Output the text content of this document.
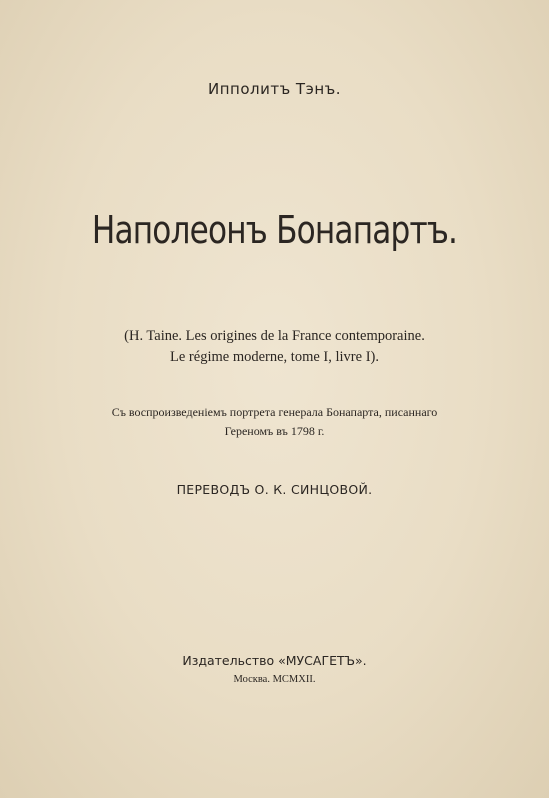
Ипполитъ Тэнъ.
Наполеонъ Бонапартъ.
(H. Taine. Les origines de la France contemporaine.
Le régime moderne, tome I, livre I).
Съ воспроизведенiемъ портрета генерала Бонапарта, писаннаго
Гереномъ въ 1798 г.
ПЕРЕВОДЪ О. К. СИНЦОВОЙ.
Издательство «МУСАГЕТЪ».
Москва. MCMXII.
